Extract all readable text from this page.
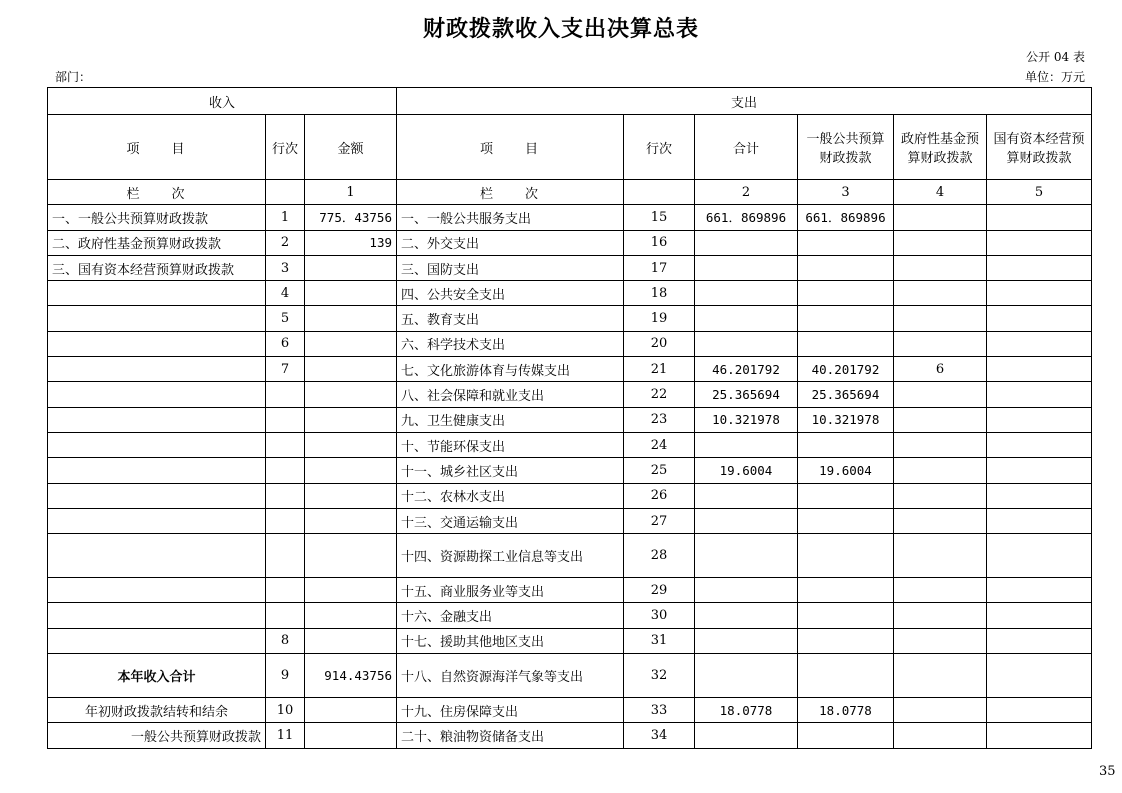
财政拨款收入支出决算总表
公开 04 表
部门：	单位：万元
收入			支出					
项　　目	行次	金额	项　　目	行次	合计	一般公共预算财政拨款	政府性基金预算财政拨款	国有资本经营预算财政拨款
栏　　次		1	栏　　次		2	3	4	5
一、一般公共预算财政拨款	1	775．43756	一、一般公共服务支出	15	661．869896	661．869896		
二、政府性基金预算财政拨款	2	139	二、外交支出	16				
三、国有资本经营预算财政拨款	3		三、国防支出	17				
	4		四、公共安全支出	18				
	5		五、教育支出	19				
	6		六、科学技术支出	20				
	7		七、文化旅游体育与传媒支出	21	46.201792	40.201792	6	
			八、社会保障和就业支出	22	25.365694	25.365694		
			九、卫生健康支出	23	10.321978	10.321978		
			十、节能环保支出	24				
			十一、城乡社区支出	25	19.6004	19.6004		
			十二、农林水支出	26				
			十三、交通运输支出	27				
			十四、资源勘探工业信息等支出	28				
			十五、商业服务业等支出	29				
			十六、金融支出	30				
	8		十七、援助其他地区支出	31				
本年收入合计	9	914.43756	十八、自然资源海洋气象等支出	32				
年初财政拨款结转和结余	10		十九、住房保障支出	33	18.0778	18.0778		
一般公共预算财政拨款	11		二十、粮油物资储备支出	34				
35
